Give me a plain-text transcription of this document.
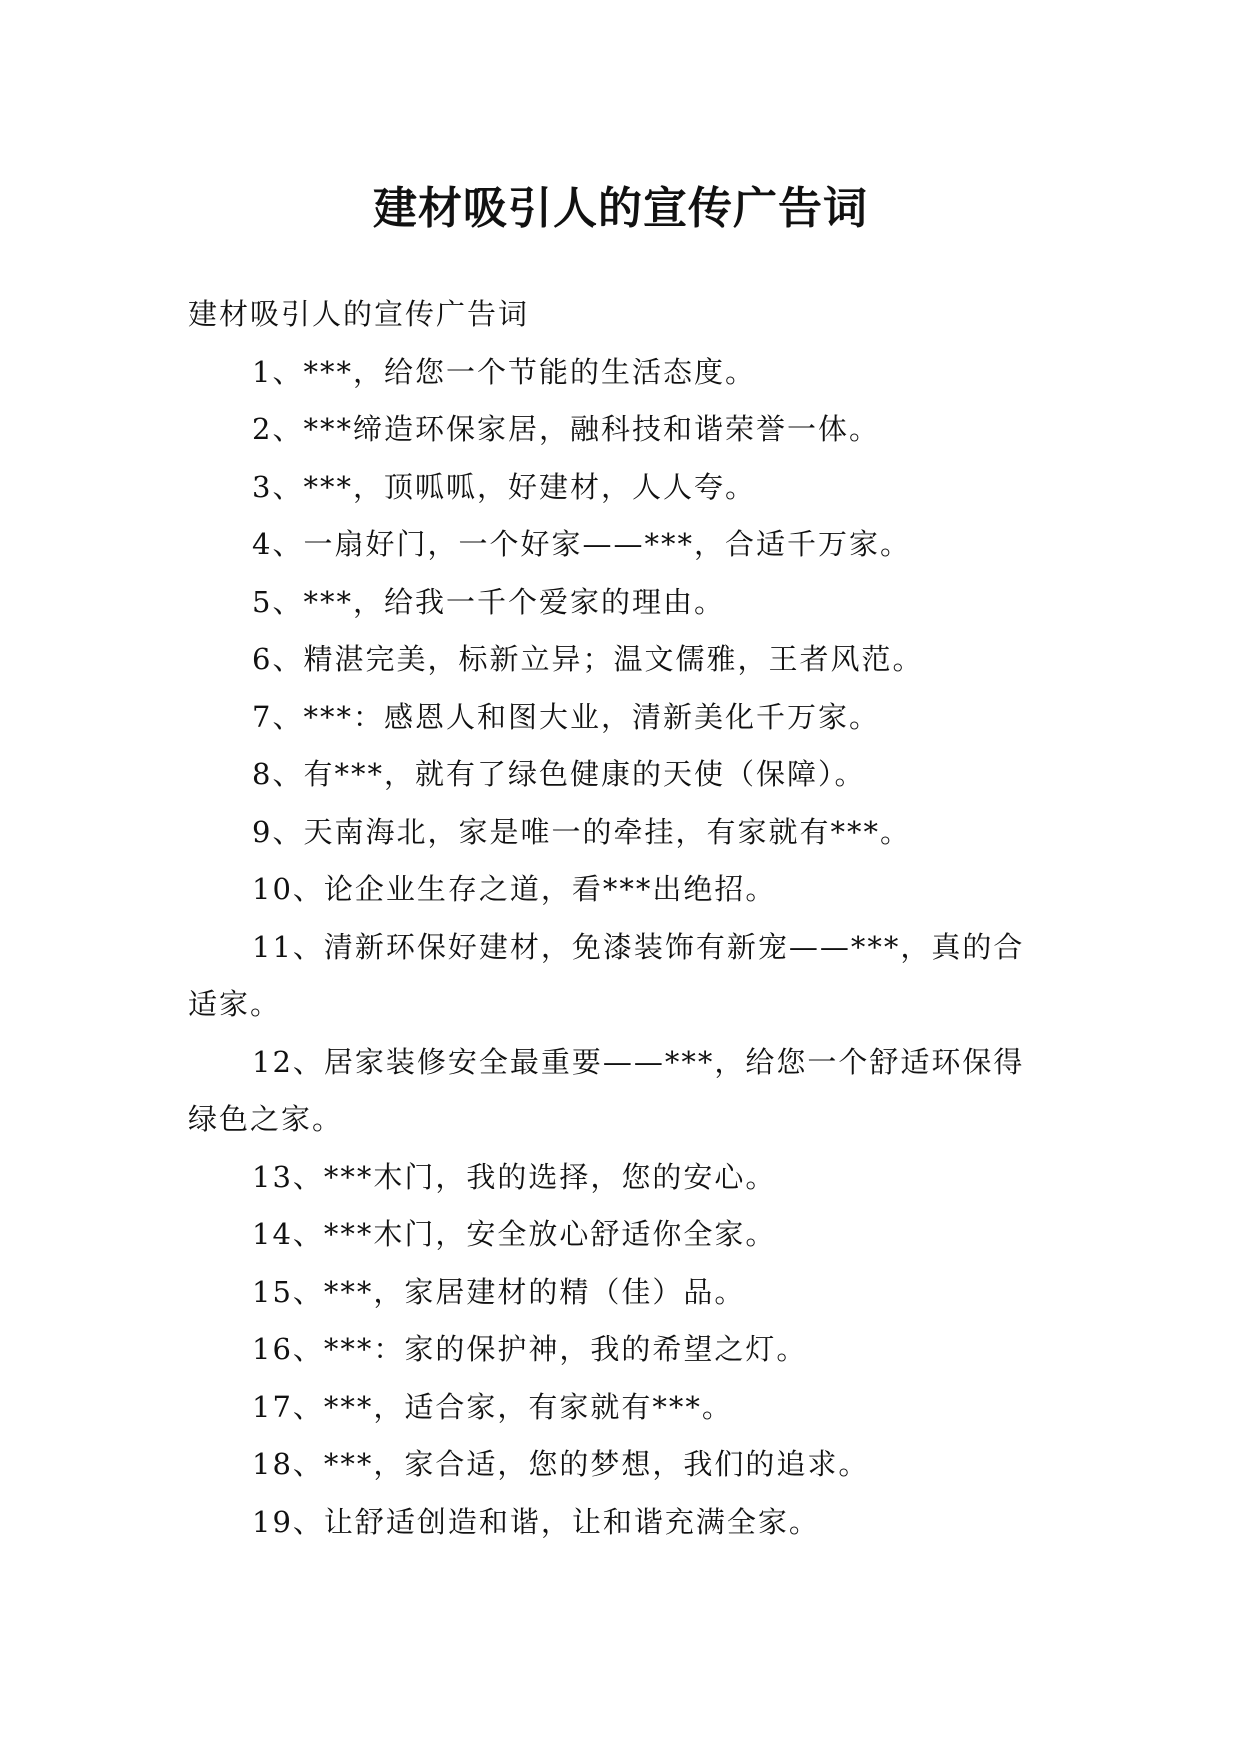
建材吸引人的宣传广告词

建材吸引人的宣传广告词

1、***，给您一个节能的生活态度。

2、***缔造环保家居，融科技和谐荣誉一体。

3、***，顶呱呱，好建材，人人夸。

4、一扇好门，一个好家——***，合适千万家。

5、***，给我一千个爱家的理由。

6、精湛完美，标新立异；温文儒雅，王者风范。

7、***：感恩人和图大业，清新美化千万家。

8、有***，就有了绿色健康的天使（保障）。

9、天南海北，家是唯一的牵挂，有家就有***。

10、论企业生存之道，看***出绝招。

11、清新环保好建材，免漆装饰有新宠——***，真的合适家。

12、居家装修安全最重要——***，给您一个舒适环保得绿色之家。

13、***木门，我的选择，您的安心。

14、***木门，安全放心舒适你全家。

15、***，家居建材的精（佳）品。

16、***：家的保护神，我的希望之灯。

17、***，适合家，有家就有***。

18、***，家合适，您的梦想，我们的追求。

19、让舒适创造和谐，让和谐充满全家。
